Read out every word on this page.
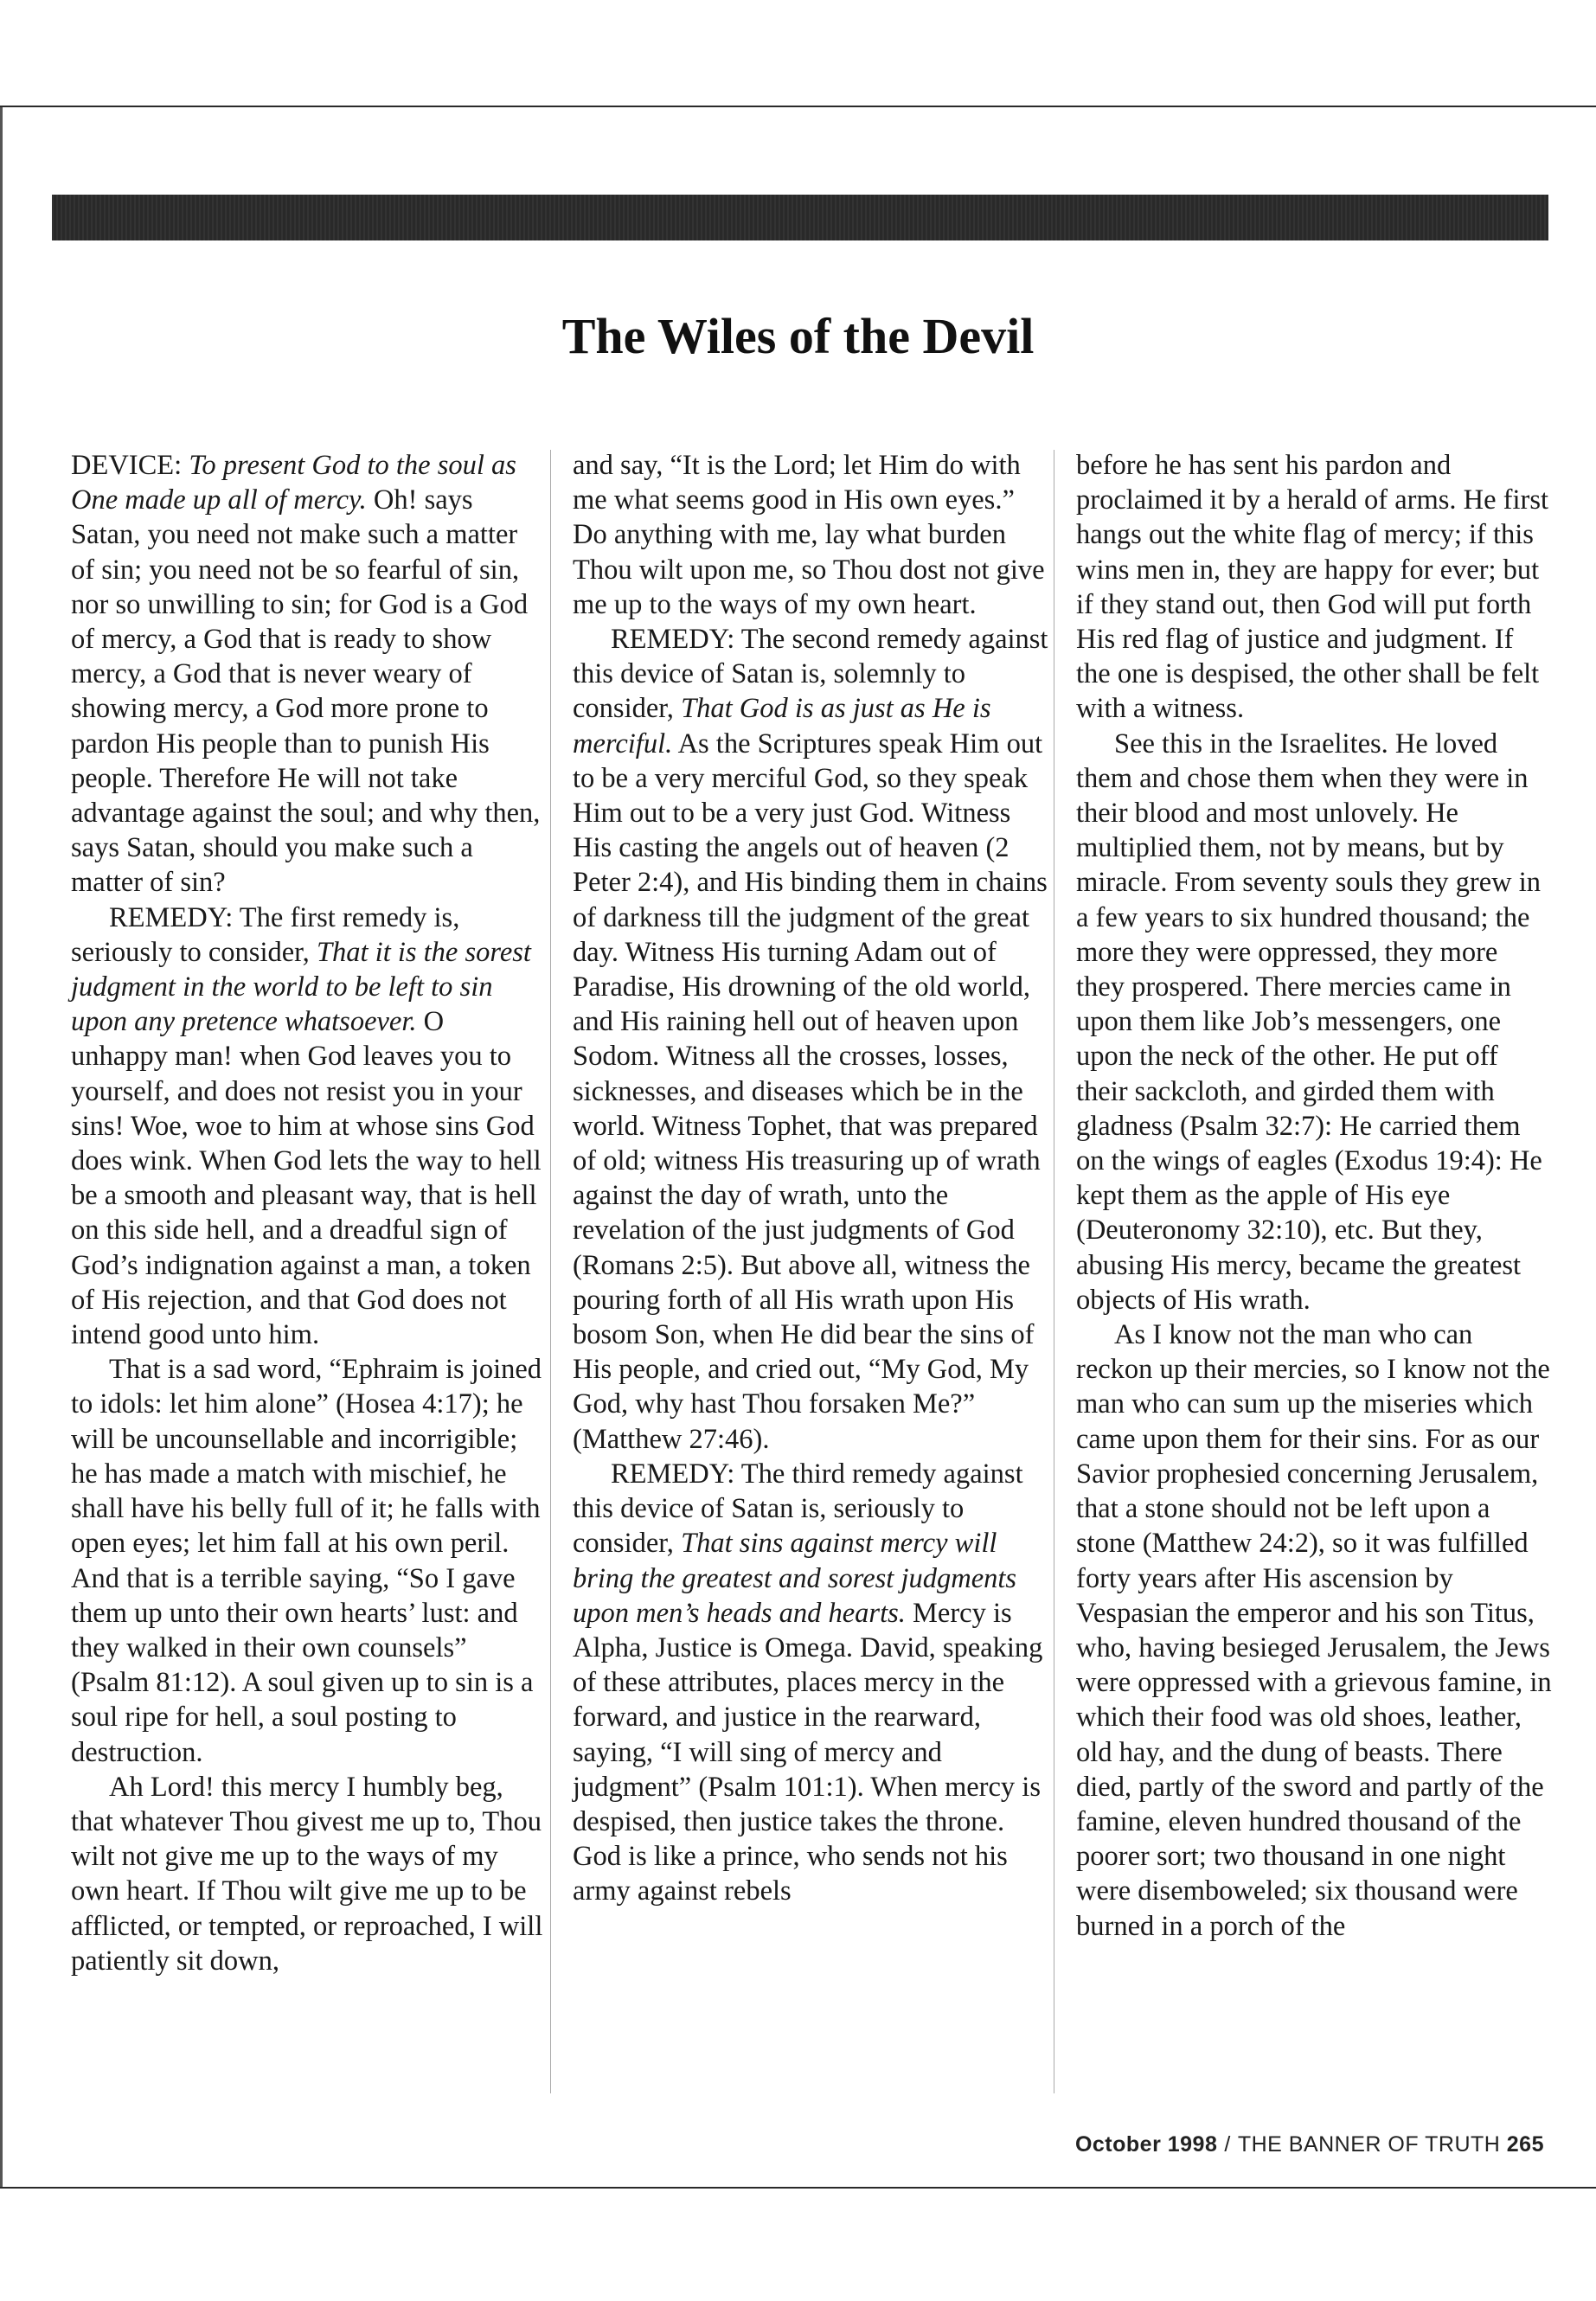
The Wiles of the Devil

DEVICE: To present God to the soul as One made up all of mercy. Oh! says Satan, you need not make such a matter of sin; you need not be so fearful of sin, nor so unwilling to sin; for God is a God of mercy, a God that is ready to show mercy, a God that is never weary of showing mercy, a God more prone to pardon His people than to punish His people. Therefore He will not take advantage against the soul; and why then, says Satan, should you make such a matter of sin?

REMEDY: The first remedy is, seriously to consider, That it is the sorest judgment in the world to be left to sin upon any pretence whatsoever. O unhappy man! when God leaves you to yourself, and does not resist you in your sins! Woe, woe to him at whose sins God does wink. When God lets the way to hell be a smooth and pleasant way, that is hell on this side hell, and a dreadful sign of God’s indignation against a man, a token of His rejection, and that God does not intend good unto him.

That is a sad word, “Ephraim is joined to idols: let him alone” (Hosea 4:17); he will be uncounsellable and incorrigible; he has made a match with mischief, he shall have his belly full of it; he falls with open eyes; let him fall at his own peril. And that is a terrible saying, “So I gave them up unto their own hearts’ lust: and they walked in their own counsels” (Psalm 81:12). A soul given up to sin is a soul ripe for hell, a soul posting to destruction.

Ah Lord! this mercy I humbly beg, that whatever Thou givest me up to, Thou wilt not give me up to the ways of my own heart. If Thou wilt give me up to be afflicted, or tempted, or reproached, I will patiently sit down,

and say, “It is the Lord; let Him do with me what seems good in His own eyes.” Do anything with me, lay what burden Thou wilt upon me, so Thou dost not give me up to the ways of my own heart.

REMEDY: The second remedy against this device of Satan is, solemnly to consider, That God is as just as He is merciful. As the Scriptures speak Him out to be a very merciful God, so they speak Him out to be a very just God. Witness His casting the angels out of heaven (2 Peter 2:4), and His binding them in chains of darkness till the judgment of the great day. Witness His turning Adam out of Paradise, His drowning of the old world, and His raining hell out of heaven upon Sodom. Witness all the crosses, losses, sicknesses, and diseases which be in the world. Witness Tophet, that was prepared of old; witness His treasuring up of wrath against the day of wrath, unto the revelation of the just judgments of God (Romans 2:5). But above all, witness the pouring forth of all His wrath upon His bosom Son, when He did bear the sins of His people, and cried out, “My God, My God, why hast Thou forsaken Me?” (Matthew 27:46).

REMEDY: The third remedy against this device of Satan is, seriously to consider, That sins against mercy will bring the greatest and sorest judgments upon men’s heads and hearts. Mercy is Alpha, Justice is Omega. David, speaking of these attributes, places mercy in the forward, and justice in the rearward, saying, “I will sing of mercy and judgment” (Psalm 101:1). When mercy is despised, then justice takes the throne. God is like a prince, who sends not his army against rebels

before he has sent his pardon and proclaimed it by a herald of arms. He first hangs out the white flag of mercy; if this wins men in, they are happy for ever; but if they stand out, then God will put forth His red flag of justice and judgment. If the one is despised, the other shall be felt with a witness.

See this in the Israelites. He loved them and chose them when they were in their blood and most unlovely. He multiplied them, not by means, but by miracle. From seventy souls they grew in a few years to six hundred thousand; the more they were oppressed, they more they prospered. There mercies came in upon them like Job’s messengers, one upon the neck of the other. He put off their sackcloth, and girded them with gladness (Psalm 32:7): He carried them on the wings of eagles (Exodus 19:4): He kept them as the apple of His eye (Deuteronomy 32:10), etc. But they, abusing His mercy, became the greatest objects of His wrath.

As I know not the man who can reckon up their mercies, so I know not the man who can sum up the miseries which came upon them for their sins. For as our Savior prophesied concerning Jerusalem, that a stone should not be left upon a stone (Matthew 24:2), so it was fulfilled forty years after His ascension by Vespasian the emperor and his son Titus, who, having besieged Jerusalem, the Jews were oppressed with a grievous famine, in which their food was old shoes, leather, old hay, and the dung of beasts. There died, partly of the sword and partly of the famine, eleven hundred thousand of the poorer sort; two thousand in one night were disemboweled; six thousand were burned in a porch of the

October 1998 / THE BANNER OF TRUTH 265
